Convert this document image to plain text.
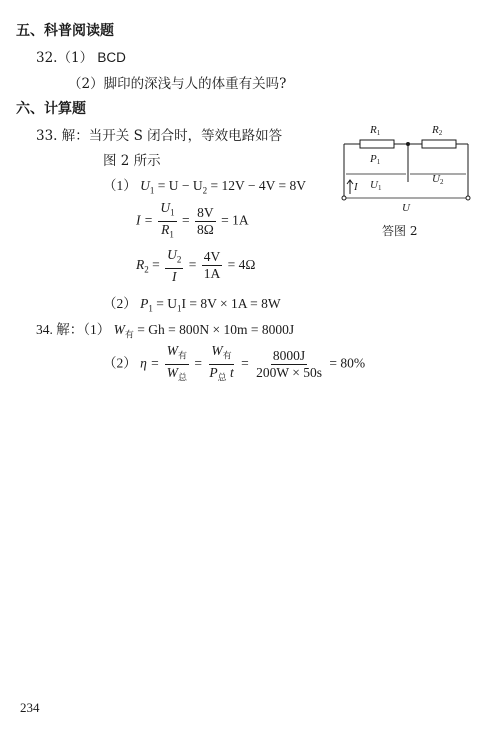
五、科普阅读题
32.（1） BCD
（2）脚印的深浅与人的体重有关吗?
六、计算题
33. 解：当开关 S 闭合时，等效电路如答
图 2 所示
（1） $U_1 = U - U_2 = 12V - 4V = 8V$
$I = \frac{U_1}{R_1} = \frac{8V}{8\Omega} = 1A$
$R_2 = \frac{U_2}{I} = \frac{4V}{1A} = 4\Omega$
（2） $P_1 = U_1I = 8V \times 1A = 8W$
34. 解：（1） $W_有 = Gh = 800N \times 10m = 8000J$
（2） $\eta = \frac{W_有}{W_总} = \frac{W_有}{P_总 t} = \frac{8000J}{200W \times 50s} = 80\%$
R1	R2
P1
U1
U2
I
U
答图 2
234
